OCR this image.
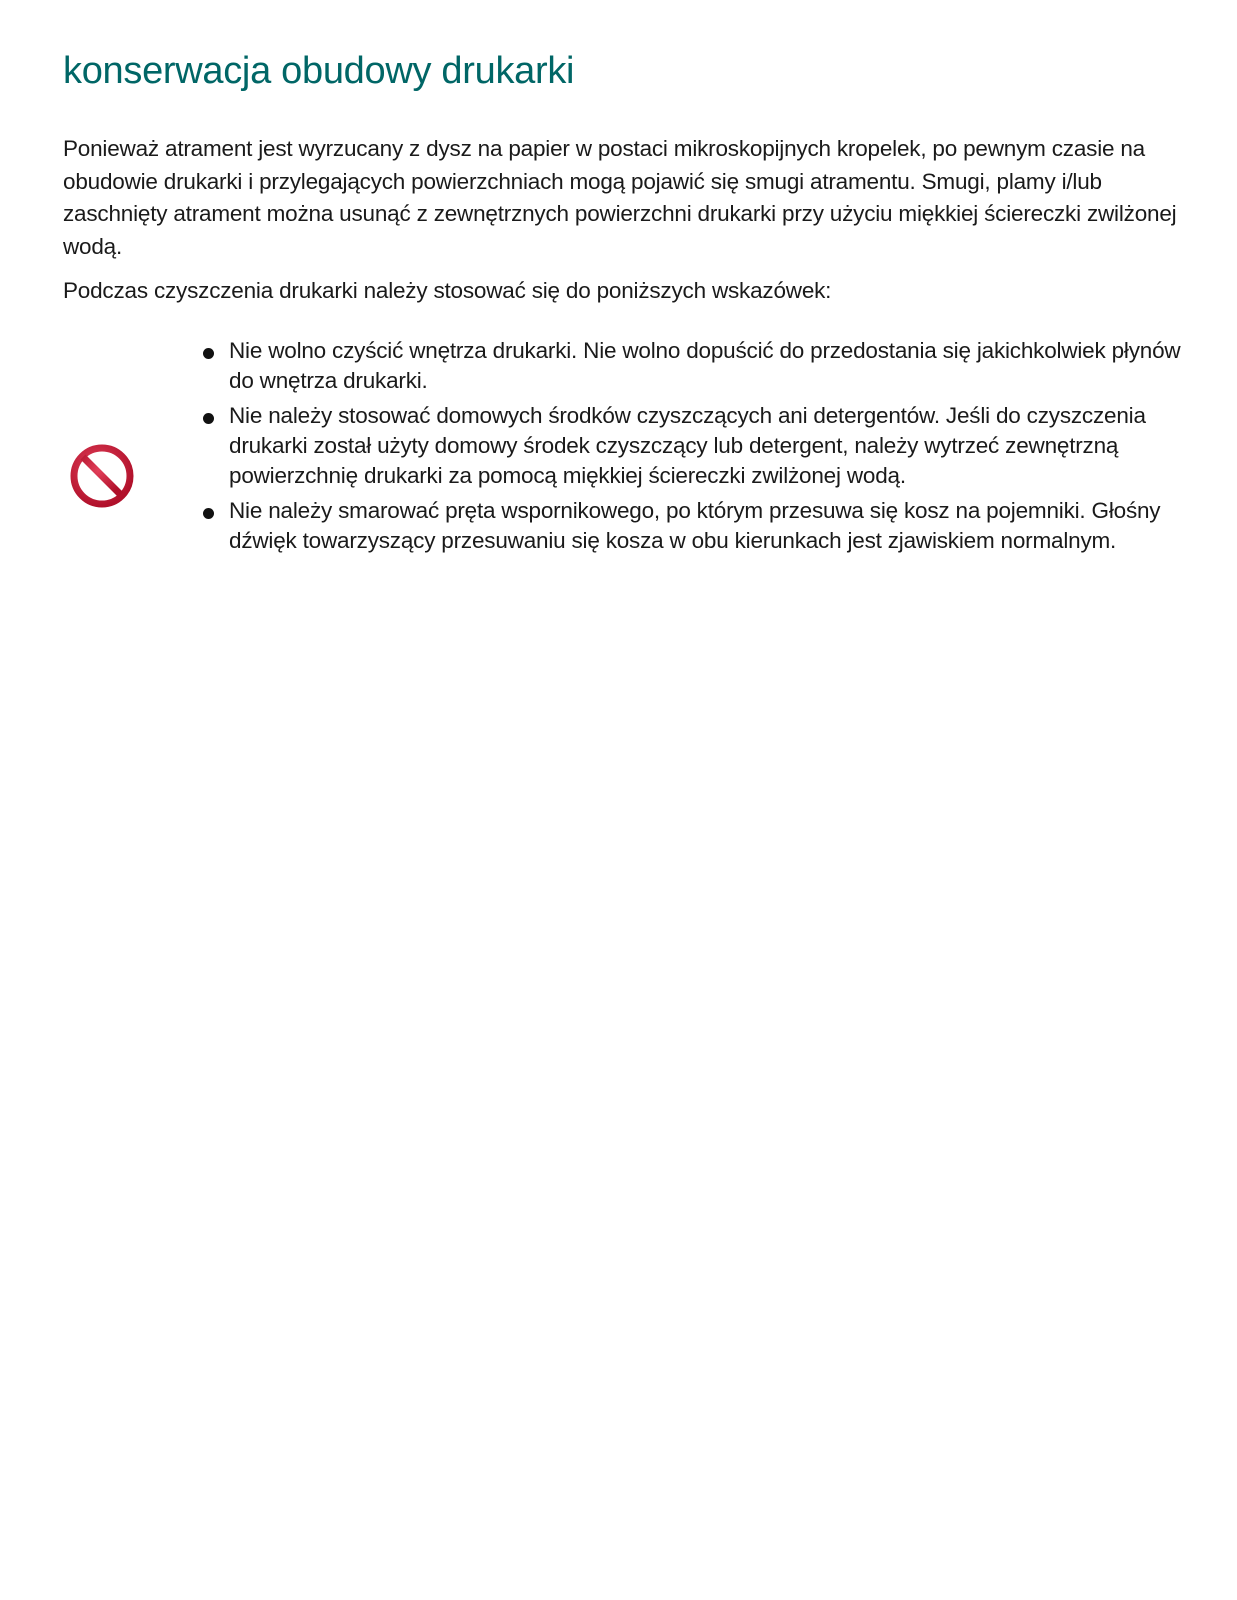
konserwacja obudowy drukarki

Ponieważ atrament jest wyrzucany z dysz na papier w postaci mikroskopijnych kropelek, po pewnym czasie na obudowie drukarki i przylegających powierzchniach mogą pojawić się smugi atramentu. Smugi, plamy i/lub zaschnięty atrament można usunąć z zewnętrznych powierzchni drukarki przy użyciu miękkiej ściereczki zwilżonej wodą.

Podczas czyszczenia drukarki należy stosować się do poniższych wskazówek:

Nie wolno czyścić wnętrza drukarki. Nie wolno dopuścić do przedostania się jakichkolwiek płynów do wnętrza drukarki.
Nie należy stosować domowych środków czyszczących ani detergentów. Jeśli do czyszczenia drukarki został użyty domowy środek czyszczący lub detergent, należy wytrzeć zewnętrzną powierzchnię drukarki za pomocą miękkiej ściereczki zwilżonej wodą.
Nie należy smarować pręta wspornikowego, po którym przesuwa się kosz na pojemniki. Głośny dźwięk towarzyszący przesuwaniu się kosza w obu kierunkach jest zjawiskiem normalnym.
